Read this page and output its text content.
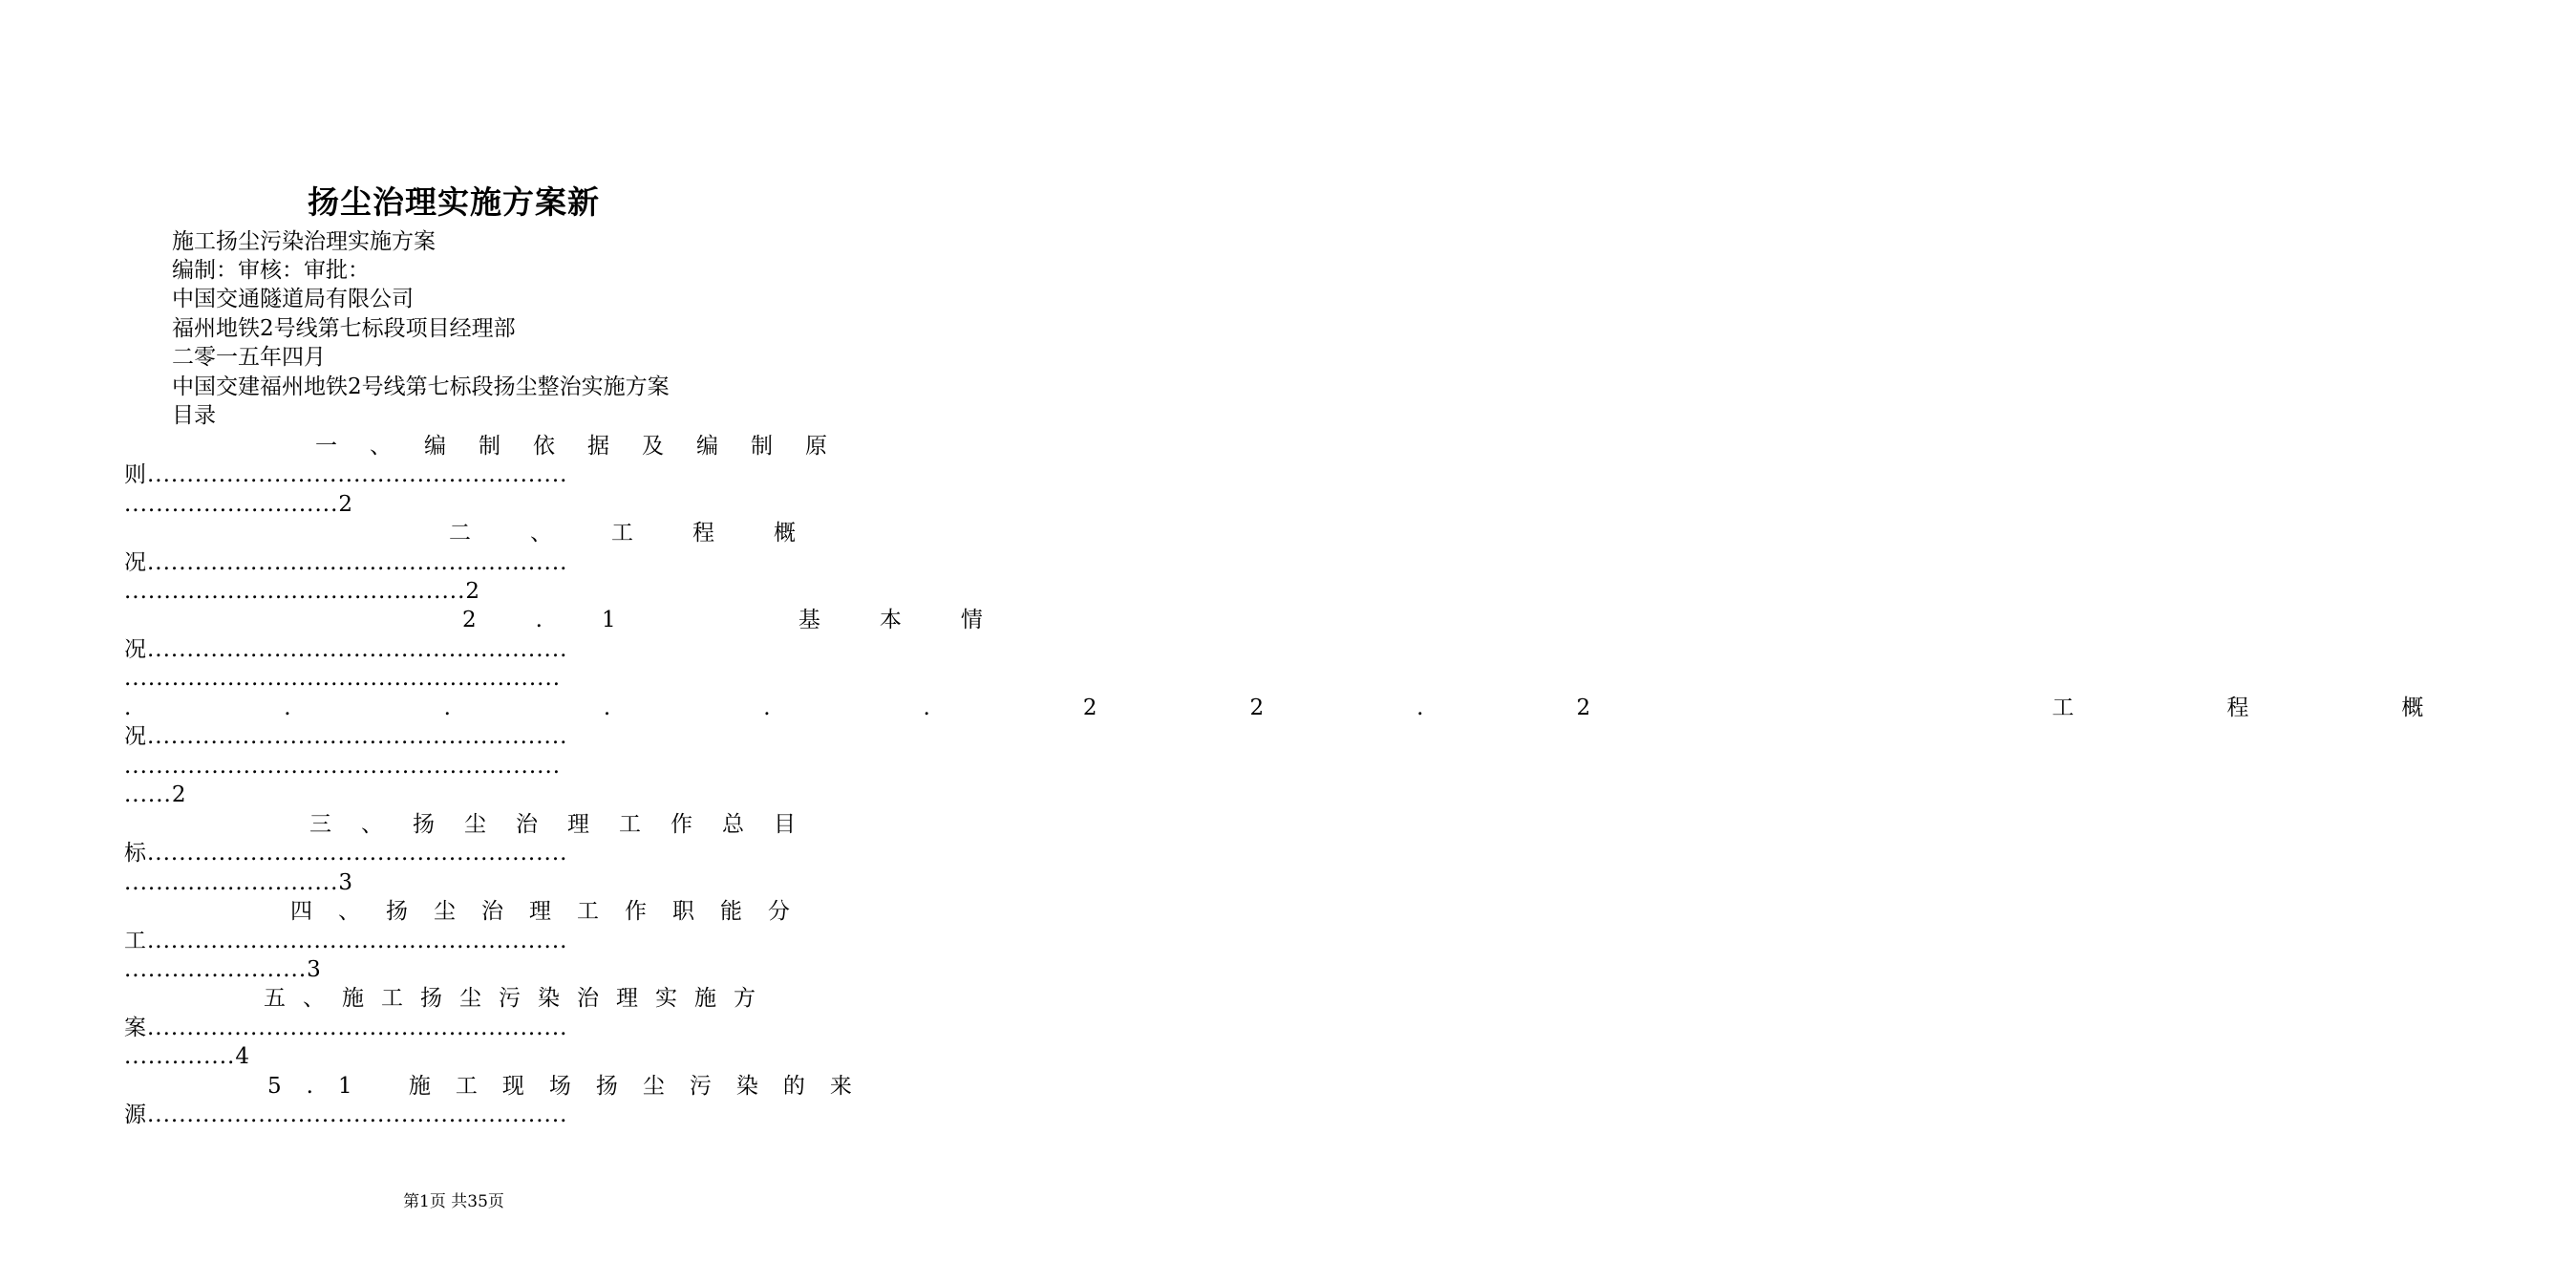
扬尘治理实施方案新
施工扬尘污染治理实施方案
编制：审核：审批：
中国交通隧道局有限公司
福州地铁2号线第七标段项目经理部
二零一五年四月
中国交建福州地铁2号线第七标段扬尘整治实施方案
目录
一、编制依据及编制原
则.....................................................
...........................2
二、工程概
况.....................................................
...........................................2
2.1 基本情
况.....................................................
.......................................................
......22.2 工程概
况.....................................................
.......................................................
......2
三、扬尘治理工作总目
标.....................................................
...........................3
四、扬尘治理工作职能分
工.....................................................
.......................3
五、施工扬尘污染治理实施方
案.....................................................
..............4
5.1 施工现场扬尘污染的来
源.....................................................
第1页 共35页
